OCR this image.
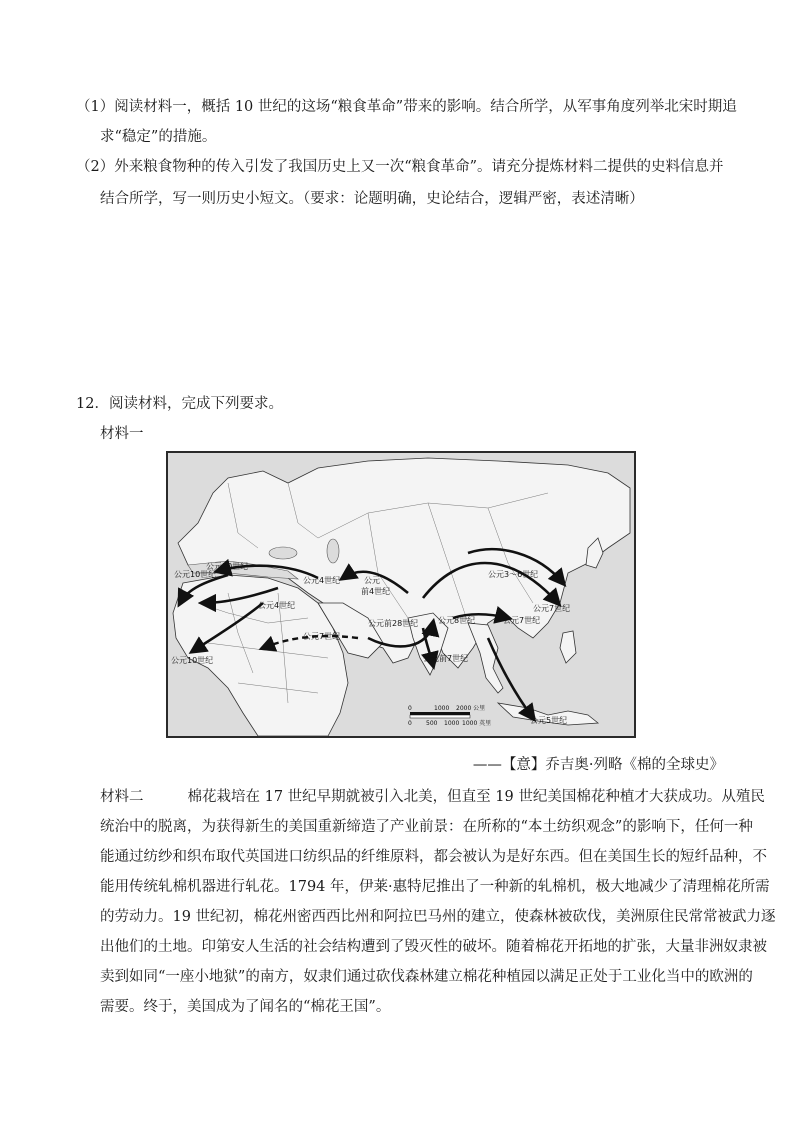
（1）阅读材料一，概括 10 世纪的这场“粮食革命”带来的影响。结合所学，从军事角度列举北宋时期追
求“稳定”的措施。
（2）外来粮食物种的传入引发了我国历史上又一次“粮食革命”。请充分提炼材料二提供的史料信息并
结合所学，写一则历史小短文。（要求：论题明确，史论结合，逻辑严密，表述清晰）
12．阅读材料，完成下列要求。
材料一
公元10世纪
公元10世纪
公元4世纪	公元
前4世纪
公元4世纪
公元前28世纪
公元3～6世纪
公元7世纪
公元7世纪
公元7世纪
公元8世纪
公元前7世纪
公元5世纪
公元10世纪
0	1000 2000 公里
0 500 1000 1000 英里
——【意】乔吉奥·列略《棉的全球史》
材料二	棉花栽培在 17 世纪早期就被引入北美，但直至 19 世纪美国棉花种植才大获成功。从殖民
统治中的脱离，为获得新生的美国重新缔造了产业前景：在所称的“本土纺织观念”的影响下，任何一种
能通过纺纱和织布取代英国进口纺织品的纤维原料，都会被认为是好东西。但在美国生长的短纤品种，不
能用传统轧棉机器进行轧花。1794 年，伊莱·惠特尼推出了一种新的轧棉机，极大地减少了清理棉花所需
的劳动力。19 世纪初，棉花州密西西比州和阿拉巴马州的建立，使森林被砍伐，美洲原住民常常被武力逐
出他们的土地。印第安人生活的社会结构遭到了毁灭性的破坏。随着棉花开拓地的扩张，大量非洲奴隶被
卖到如同“一座小地狱”的南方，奴隶们通过砍伐森林建立棉花种植园以满足正处于工业化当中的欧洲的
需要。终于，美国成为了闻名的“棉花王国”。
